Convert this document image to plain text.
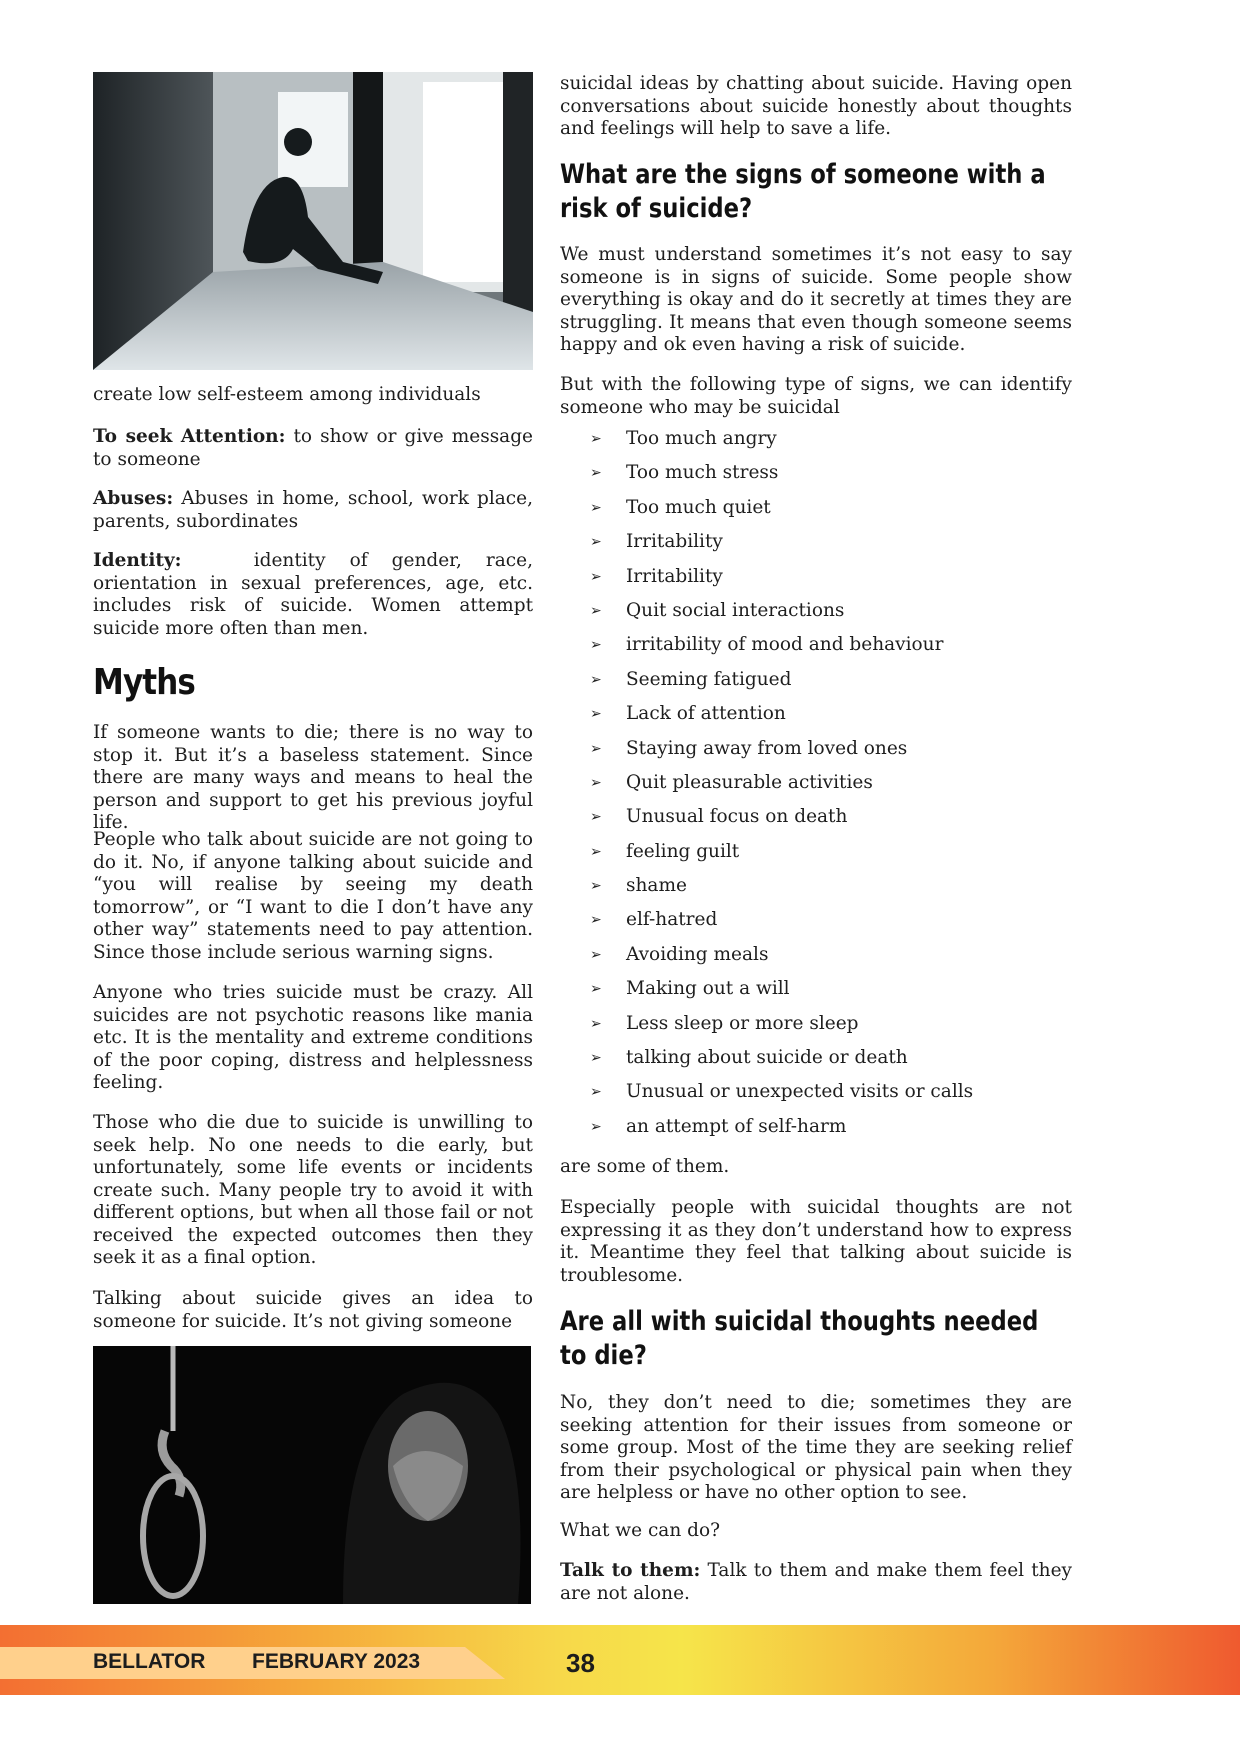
create low self-esteem among individuals

To seek Attention: to show or give message to someone

Abuses: Abuses in home, school, work place, parents, subordinates

Identity:   identity of gender, race, orientation in sexual preferences, age, etc. includes risk of suicide. Women attempt suicide more often than men.

Myths

If someone wants to die; there is no way to stop it. But it’s a baseless statement. Since there are many ways and means to heal the person and support to get his previous joyful life.

People who talk about suicide are not going to do it. No, if anyone talking about suicide and “you will realise by seeing my death tomorrow”, or “I want to die I don’t have any other way” statements need to pay attention. Since those include serious warning signs.

Anyone who tries suicide must be crazy. All suicides are not psychotic reasons like mania etc. It is the mentality and extreme conditions of the poor coping, distress and helplessness feeling.

Those who die due to suicide is unwilling to seek help. No one needs to die early, but unfortunately, some life events or incidents create such. Many people try to avoid it with different options, but when all those fail or not received the expected outcomes then they seek it as a final option.

Talking about suicide gives an idea to someone for suicide. It’s not giving someone

suicidal ideas by chatting about suicide. Having open conversations about suicide honestly about thoughts and feelings will help to save a life.

What are the signs of someone with a risk of suicide?

We must understand sometimes it’s not easy to say someone is in signs of suicide. Some people show everything is okay and do it secretly at times they are struggling. It means that even though someone seems happy and ok even having a risk of suicide.

But with the following type of signs, we can identify someone who may be suicidal

➢	Too much angry
➢	Too much stress
➢	Too much quiet
➢	Irritability
➢	Irritability
➢	Quit social interactions
➢	irritability of mood and behaviour
➢	Seeming fatigued
➢	Lack of attention
➢	Staying away from loved ones
➢	Quit pleasurable activities
➢	Unusual focus on death
➢	feeling guilt
➢	shame
➢	elf-hatred
➢	Avoiding meals
➢	Making out a will
➢	Less sleep or more sleep
➢	talking about suicide or death
➢	Unusual or unexpected visits or calls
➢	an attempt of self-harm

are some of them.

Especially people with suicidal thoughts are not expressing it as they don’t understand how to express it. Meantime they feel that talking about suicide is troublesome.

Are all with suicidal thoughts needed to die?

No, they don’t need to die; sometimes they are seeking attention for their issues from someone or some group. Most of the time they are seeking relief from their psychological or physical pain when they are helpless or have no other option to see.

What we can do?

Talk to them: Talk to them and make them feel they are not alone.

BELLATOR FEBRUARY 2023	38
